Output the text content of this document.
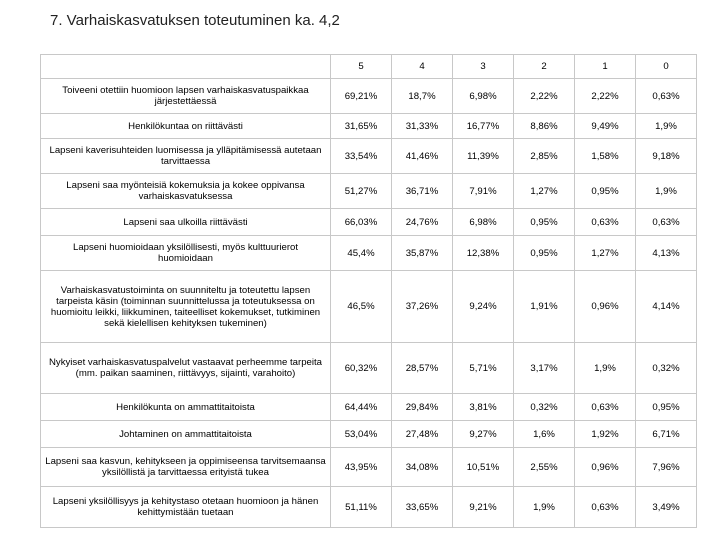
7. Varhaiskasvatuksen toteutuminen ka. 4,2
	5	4	3	2	1	0
Toiveeni otettiin huomioon lapsen varhaiskasvatuspaikkaa järjestettäessä	69,21%	18,7%	6,98%	2,22%	2,22%	0,63%
Henkilökuntaa on riittävästi	31,65%	31,33%	16,77%	8,86%	9,49%	1,9%
Lapseni kaverisuhteiden luomisessa ja ylläpitämisessä autetaan tarvittaessa	33,54%	41,46%	11,39%	2,85%	1,58%	9,18%
Lapseni saa myönteisiä kokemuksia ja kokee oppivansa varhaiskasvatuksessa	51,27%	36,71%	7,91%	1,27%	0,95%	1,9%
Lapseni saa ulkoilla riittävästi	66,03%	24,76%	6,98%	0,95%	0,63%	0,63%
Lapseni huomioidaan yksilöllisesti, myös kulttuurierot huomioidaan	45,4%	35,87%	12,38%	0,95%	1,27%	4,13%
Varhaiskasvatustoiminta on suunniteltu ja toteutettu lapsen tarpeista käsin (toiminnan suunnittelussa ja toteutuksessa on huomioitu leikki, liikkuminen, taiteelliset kokemukset, tutkiminen sekä kielellisen kehityksen tukeminen)	46,5%	37,26%	9,24%	1,91%	0,96%	4,14%
Nykyiset varhaiskasvatuspalvelut vastaavat perheemme tarpeita (mm. paikan saaminen, riittävyys, sijainti, varahoito)	60,32%	28,57%	5,71%	3,17%	1,9%	0,32%
Henkilökunta on ammattitaitoista	64,44%	29,84%	3,81%	0,32%	0,63%	0,95%
Johtaminen on ammattitaitoista	53,04%	27,48%	9,27%	1,6%	1,92%	6,71%
Lapseni saa kasvun, kehitykseen ja oppimiseensa tarvitsemaansa yksilöllistä ja tarvittaessa erityistä tukea	43,95%	34,08%	10,51%	2,55%	0,96%	7,96%
Lapseni yksilöllisyys ja kehitystaso otetaan huomioon ja hänen kehittymistään tuetaan	51,11%	33,65%	9,21%	1,9%	0,63%	3,49%
